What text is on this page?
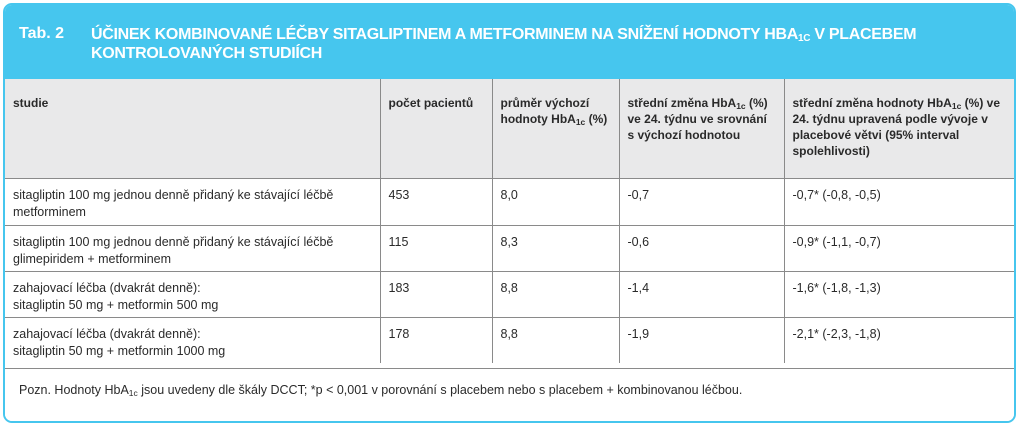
Tab. 2 ÚČINEK KOMBINOVANÉ LÉČBY SITAGLIPTINEM A METFORMINEM NA SNÍŽENÍ HODNOTY $HBA_{1C}$ V PLACEBEM KONTROLOVANÝCH STUDIÍCH
studie	počet pacientů	průměr výchozí hodnoty HbA$_{1c}$ (%)	střední změna HbA$_{1c}$ (%) ve 24. týdnu ve srovnání s výchozí hodnotou	střední změna hodnoty HbA$_{1c}$ (%) ve 24. týdnu upravená podle vývoje v placebové větvi (95% interval spolehlivosti)
sitagliptin 100 mg jednou denně přidaný ke stávající léčbě metforminem	453	8,0	-0,7	-0,7* (-0,8, -0,5)
sitagliptin 100 mg jednou denně přidaný ke stávající léčbě glimepiridem + metforminem	115	8,3	-0,6	-0,9* (-1,1, -0,7)

zahajovací léčba (dvakrát denně):
sitagliptin 50 mg + metformin 500 mg	183	8,8	-1,4	-1,6* (-1,8, -1,3)

zahajovací léčba (dvakrát denně):
sitagliptin 50 mg + metformin 1000 mg	178	8,8	-1,9	-2,1* (-2,3, -1,8)
Pozn. Hodnoty HbA$_{1c}$ jsou uvedeny dle škály DCCT; *p < 0,001 v porovnání s placebem nebo s placebem + kombinovanou léčbou.
